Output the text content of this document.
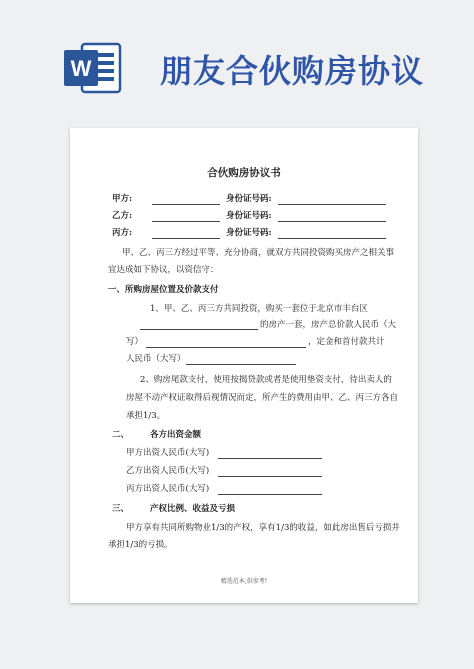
W 朋友合伙购房协议
合伙购房协议书
甲方:	身份证号码:
乙方:	身份证号码:
丙方:	身份证号码:
甲、乙、丙三方经过平等、充分协商，就双方共同投资购买房产之相关事
宜达成如下协议，以资信守：
一、所购房屋位置及价款支付
1、甲、乙、丙三方共同投资，购买一套位于北京市丰台区
的房产一套，房产总价款人民币（大
写）	，定金和首付款共计
人民币（大写）
2、购房尾款支付，使用按揭贷款或者是使用垫资支付，待出卖人的
房屋不动产权证取得后视情况而定，所产生的费用由甲、乙、丙三方各自
承担1/3。
二、 各方出资金额
甲方出资人民币(大写)
乙方出资人民币(大写)
丙方出资人民币(大写)
三、 产权比例、收益及亏损
甲方享有共同所购物业1/3的产权，享有1/3的收益，如此房出售后亏损并
承担1/3的亏损。
精选范本,供参考!
